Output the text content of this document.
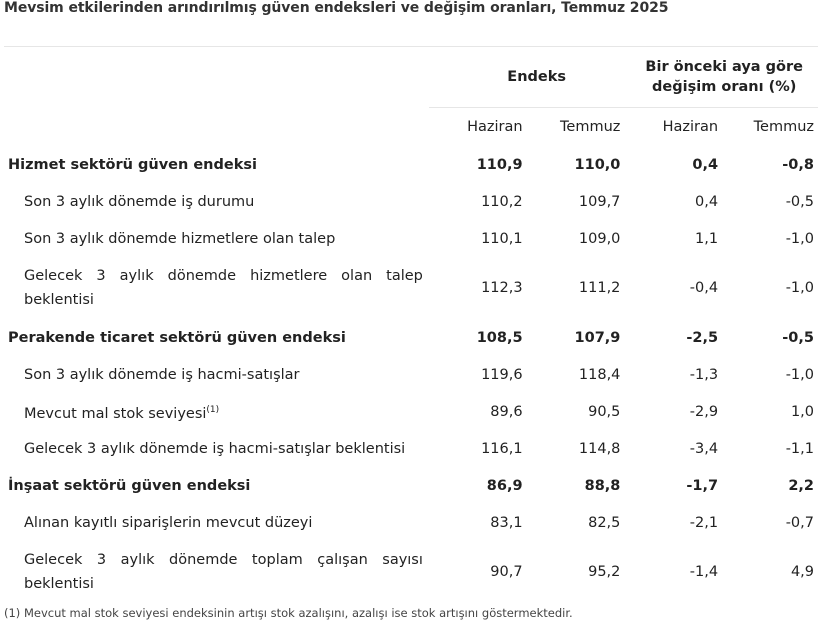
Mevsim etkilerinden arındırılmış güven endeksleri ve değişim oranları, Temmuz 2025
	Endeks		Bir önceki aya göre
değişim oranı (%)	

	Haziran	Temmuz	Haziran	Temmuz
Hizmet sektörü güven endeksi	110,9	110,0	0,4	-0,8
Son 3 aylık dönemde iş durumu	110,2	109,7	0,4	-0,5
Son 3 aylık dönemde hizmetlere olan talep	110,1	109,0	1,1	-1,0
Gelecek 3 aylık dönemde hizmetlere olan talep beklentisi	112,3	111,2	-0,4	-1,0
Perakende ticaret sektörü güven endeksi	108,5	107,9	-2,5	-0,5
Son 3 aylık dönemde iş hacmi-satışlar	119,6	118,4	-1,3	-1,0
Mevcut mal stok seviyesi$^{(1)}$	89,6	90,5	-2,9	1,0
Gelecek 3 aylık dönemde iş hacmi-satışlar beklentisi	116,1	114,8	-3,4	-1,1
İnşaat sektörü güven endeksi	86,9	88,8	-1,7	2,2
Alınan kayıtlı siparişlerin mevcut düzeyi	83,1	82,5	-2,1	-0,7
Gelecek 3 aylık dönemde toplam çalışan sayısı beklentisi	90,7	95,2	-1,4	4,9
(1) Mevcut mal stok seviyesi endeksinin artışı stok azalışını, azalışı ise stok artışını göstermektedir.
